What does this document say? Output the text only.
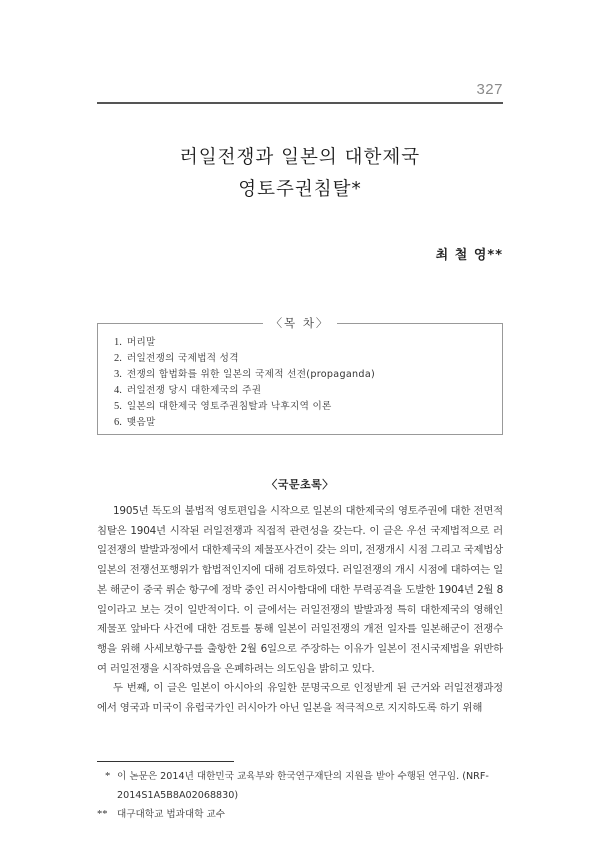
327
러일전쟁과 일본의 대한제국
영토주권침탈*
최 철 영**
〈목 차〉
1. 머리말
2. 러일전쟁의 국제법적 성격
3. 전쟁의 합법화를 위한 일본의 국제적 선전(propaganda)
4. 러일전쟁 당시 대한제국의 주권
5. 일본의 대한제국 영토주권침탈과 낙후지역 이론
6. 맺음말
〈국문초록〉

1905년 독도의 불법적 영토편입을 시작으로 일본의 대한제국의 영토주권에 대한 전면적 침탈은 1904년 시작된 러일전쟁과 직접적 관련성을 갖는다. 이 글은 우선 국제법적으로 러일전쟁의 발발과정에서 대한제국의 제물포사건이 갖는 의미, 전쟁개시 시점 그리고 국제법상 일본의 전쟁선포행위가 합법적인지에 대해 검토하였다. 러일전쟁의 개시 시점에 대하여는 일본 해군이 중국 뤼순 항구에 정박 중인 러시아함대에 대한 무력공격을 도발한 1904년 2월 8일이라고 보는 것이 일반적이다. 이 글에서는 러일전쟁의 발발과정 특히 대한제국의 영해인 제물포 앞바다 사건에 대한 검토를 통해 일본이 러일전쟁의 개전 일자를 일본해군이 전쟁수행을 위해 사세보항구를 출항한 2월 6일으로 주장하는 이유가 일본이 전시국제법을 위반하여 러일전쟁을 시작하였음을 은폐하려는 의도임을 밝히고 있다.

두 번째, 이 글은 일본이 아시아의 유일한 문명국으로 인정받게 된 근거와 러일전쟁과정에서 영국과 미국이 유럽국가인 러시아가 아닌 일본을 적극적으로 지지하도록 하기 위해

* 이 논문은 2014년 대한민국 교육부와 한국연구재단의 지원을 받아 수행된 연구임. (NRF-2014S1A5B8A02068830)
** 대구대학교 법과대학 교수
